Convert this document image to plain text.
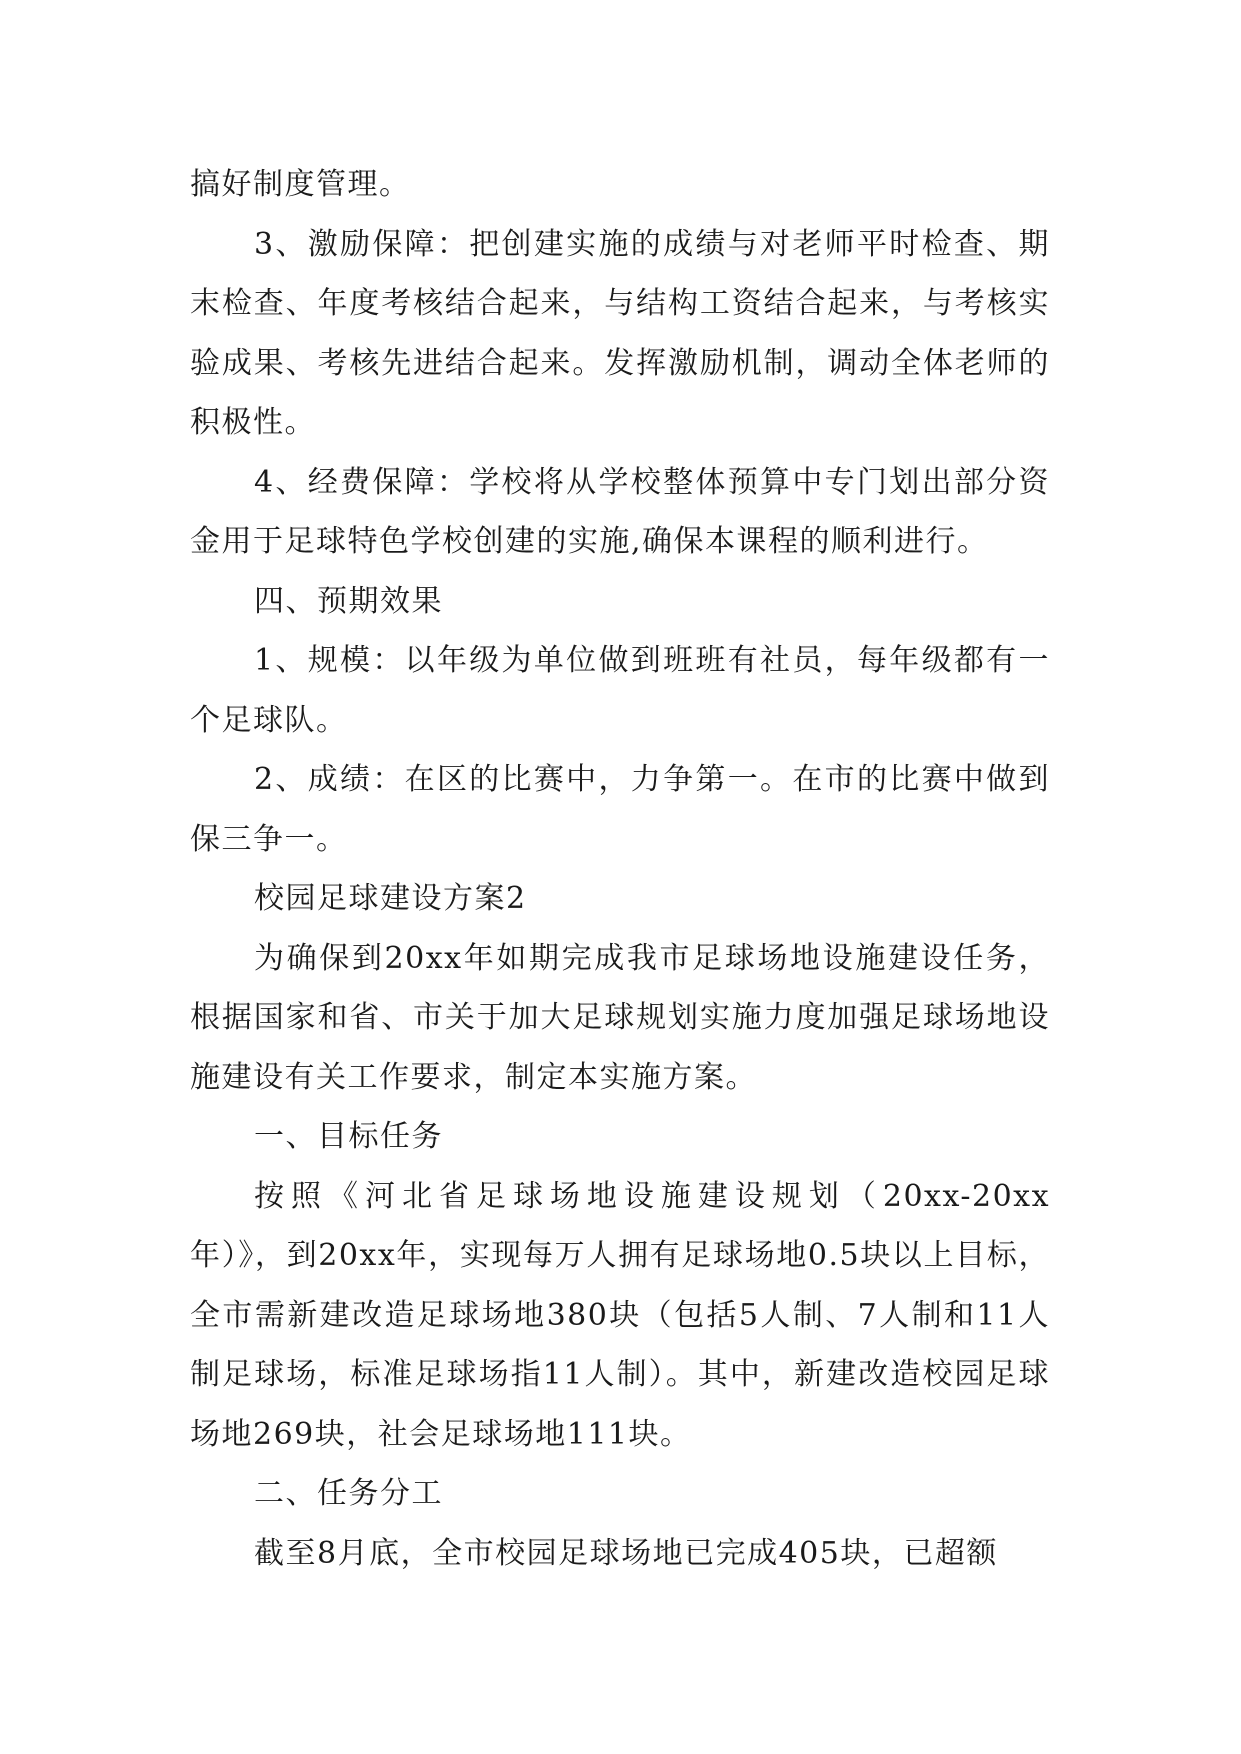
搞好制度管理。

3、激励保障：把创建实施的成绩与对老师平时检查、期末检查、年度考核结合起来，与结构工资结合起来，与考核实验成果、考核先进结合起来。发挥激励机制，调动全体老师的积极性。

4、经费保障：学校将从学校整体预算中专门划出部分资金用于足球特色学校创建的实施,确保本课程的顺利进行。

四、预期效果

1、规模：以年级为单位做到班班有社员，每年级都有一个足球队。

2、成绩：在区的比赛中，力争第一。在市的比赛中做到保三争一。

校园足球建设方案2

为确保到20xx年如期完成我市足球场地设施建设任务，根据国家和省、市关于加大足球规划实施力度加强足球场地设施建设有关工作要求，制定本实施方案。

一、目标任务

按照《河北省足球场地设施建设规划（20xx-20xx年）》，到20xx年，实现每万人拥有足球场地0.5块以上目标，全市需新建改造足球场地380块（包括5人制、7人制和11人制足球场，标准足球场指11人制）。其中，新建改造校园足球场地269块，社会足球场地111块。

二、任务分工

截至8月底，全市校园足球场地已完成405块，已超额
